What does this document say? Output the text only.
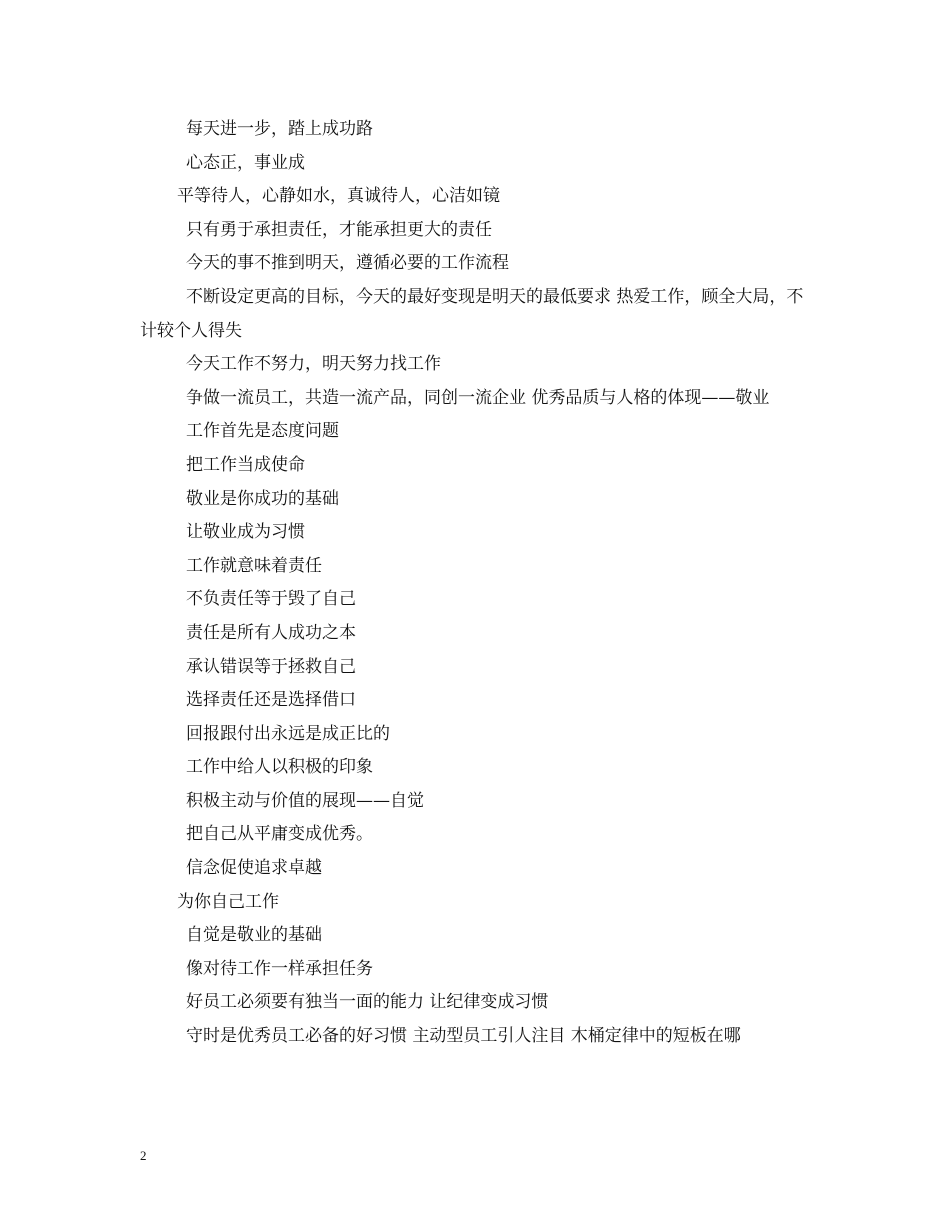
每天进一步，踏上成功路

心态正，事业成

平等待人，心静如水，真诚待人，心洁如镜

只有勇于承担责任，才能承担更大的责任

今天的事不推到明天，遵循必要的工作流程

不断设定更高的目标，今天的最好变现是明天的最低要求 热爱工作，顾全大局，不计较个人得失

今天工作不努力，明天努力找工作

争做一流员工，共造一流产品，同创一流企业 优秀品质与人格的体现——敬业

工作首先是态度问题

把工作当成使命

敬业是你成功的基础

让敬业成为习惯

工作就意味着责任

不负责任等于毁了自己

责任是所有人成功之本

承认错误等于拯救自己

选择责任还是选择借口

回报跟付出永远是成正比的

工作中给人以积极的印象

积极主动与价值的展现——自觉

把自己从平庸变成优秀。

信念促使追求卓越

为你自己工作

自觉是敬业的基础

像对待工作一样承担任务

好员工必须要有独当一面的能力 让纪律变成习惯

守时是优秀员工必备的好习惯 主动型员工引人注目 木桶定律中的短板在哪

2
